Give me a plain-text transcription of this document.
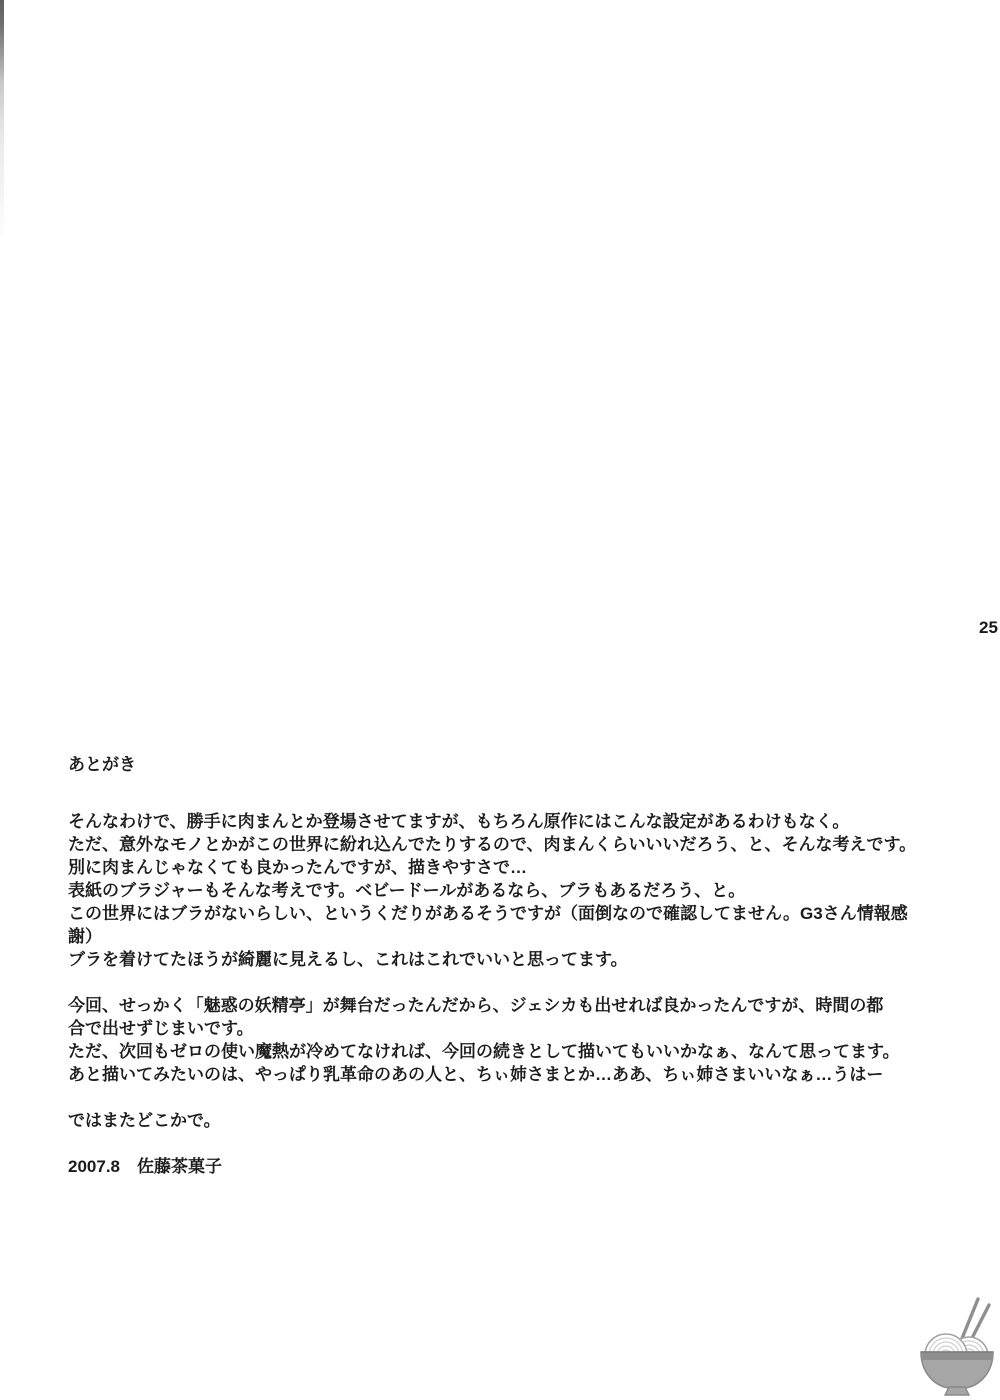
25
あとがき
そんなわけで、勝手に肉まんとか登場させてますが、もちろん原作にはこんな設定があるわけもなく。
ただ、意外なモノとかがこの世界に紛れ込んでたりするので、肉まんくらいいいだろう、と、そんな考えです。
別に肉まんじゃなくても良かったんですが、描きやすさで…
表紙のブラジャーもそんな考えです。ベビードールがあるなら、ブラもあるだろう、と。
この世界にはブラがないらしい、というくだりがあるそうですが（面倒なので確認してません。G3さん情報感
謝）
ブラを着けてたほうが綺麗に見えるし、これはこれでいいと思ってます。
今回、せっかく「魅惑の妖精亭」が舞台だったんだから、ジェシカも出せれば良かったんですが、時間の都
合で出せずじまいです。
ただ、次回もゼロの使い魔熱が冷めてなければ、今回の続きとして描いてもいいかなぁ、なんて思ってます。
あと描いてみたいのは、やっぱり乳革命のあの人と、ちぃ姉さまとか…ああ、ちぃ姉さまいいなぁ…うはー
ではまたどこかで。
2007.8　佐藤茶菓子
